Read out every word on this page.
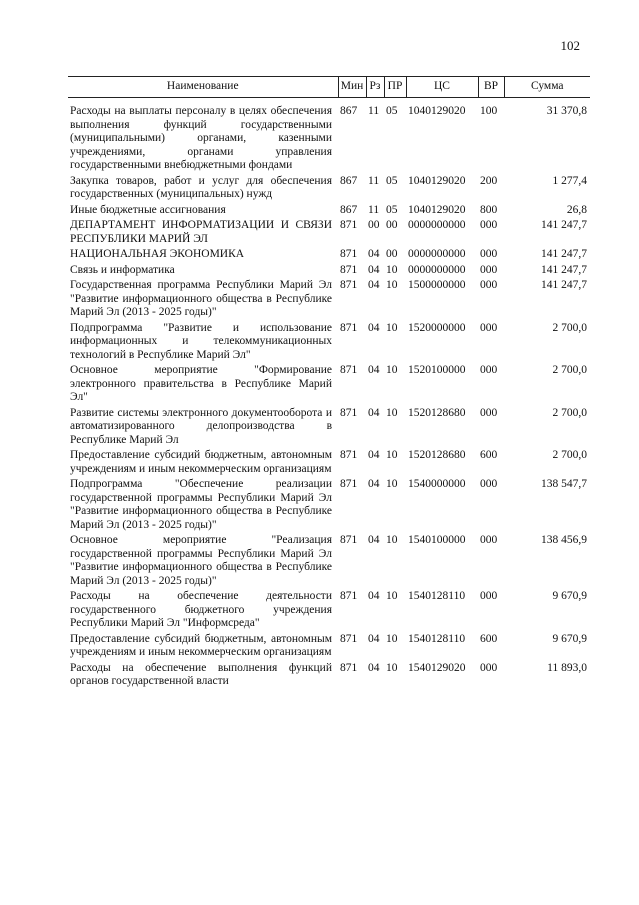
102
Наименование	Мин	Рз	ПР	ЦС	ВР	Сумма
Расходы на выплаты персоналу в целях обеспечения выполнения функций государственными (муниципальными) органами, казенными учреждениями, органами управления государственными внебюджетными фондами	867	11	05	1040129020	100	31 370,8
Закупка товаров, работ и услуг для обеспечения государственных (муниципальных) нужд	867	11	05	1040129020	200	1 277,4
Иные бюджетные ассигнования	867	11	05	1040129020	800	26,8
ДЕПАРТАМЕНТ ИНФОРМАТИЗАЦИИ И СВЯЗИ РЕСПУБЛИКИ МАРИЙ ЭЛ	871	00	00	0000000000	000	141 247,7
НАЦИОНАЛЬНАЯ ЭКОНОМИКА	871	04	00	0000000000	000	141 247,7
Связь и информатика	871	04	10	0000000000	000	141 247,7
Государственная программа Республики Марий Эл "Развитие информационного общества в Республике Марий Эл (2013 - 2025 годы)"	871	04	10	1500000000	000	141 247,7
Подпрограмма "Развитие и использование информационных и телекоммуникационных технологий в Республике Марий Эл"	871	04	10	1520000000	000	2 700,0
Основное мероприятие "Формирование электронного правительства в Республике Марий Эл"	871	04	10	1520100000	000	2 700,0
Развитие системы электронного документооборота и автоматизированного делопроизводства в Республике Марий Эл	871	04	10	1520128680	000	2 700,0
Предоставление субсидий бюджетным, автономным учреждениям и иным некоммерческим организациям	871	04	10	1520128680	600	2 700,0
Подпрограмма "Обеспечение реализации государственной программы Республики Марий Эл "Развитие информационного общества в Республике Марий Эл (2013 - 2025 годы)"	871	04	10	1540000000	000	138 547,7
Основное мероприятие "Реализация государственной программы Республики Марий Эл "Развитие информационного общества в Республике Марий Эл (2013 - 2025 годы)"	871	04	10	1540100000	000	138 456,9
Расходы на обеспечение деятельности государственного бюджетного учреждения Республики Марий Эл "Информсреда"	871	04	10	1540128110	000	9 670,9
Предоставление субсидий бюджетным, автономным учреждениям и иным некоммерческим организациям	871	04	10	1540128110	600	9 670,9
Расходы на обеспечение выполнения функций органов государственной власти	871	04	10	1540129020	000	11 893,0
